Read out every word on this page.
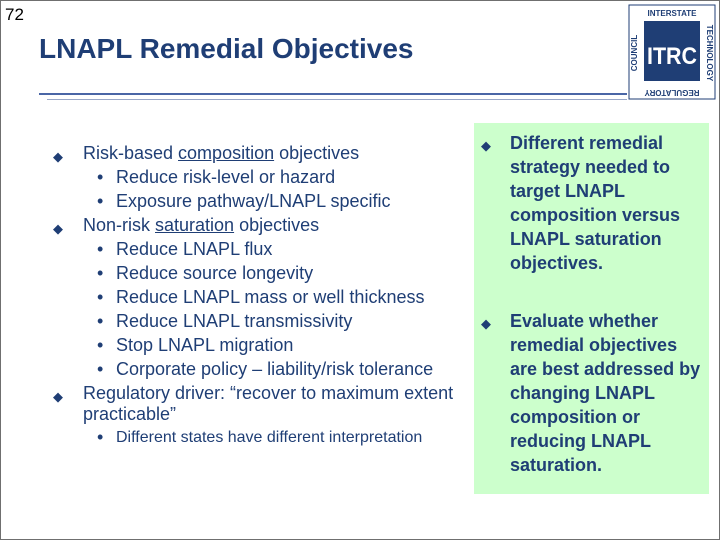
72
LNAPL Remedial Objectives
INTERSTATE
REGULATORY
COUNCIL	TECHNOLOGY
ITRC
◆ Risk-based composition objectives
• Reduce risk-level or hazard
• Exposure pathway/LNAPL specific
◆ Non-risk saturation objectives
• Reduce LNAPL flux
• Reduce source longevity
• Reduce LNAPL mass or well thickness
• Reduce LNAPL transmissivity
• Stop LNAPL migration
• Corporate policy – liability/risk tolerance
◆ Regulatory driver: “recover to maximum extent practicable”
• Different states have different interpretation
◆ Different remedial strategy needed to target LNAPL composition versus LNAPL saturation objectives.
◆ Evaluate whether remedial objectives are best addressed by changing LNAPL composition or reducing LNAPL saturation.
